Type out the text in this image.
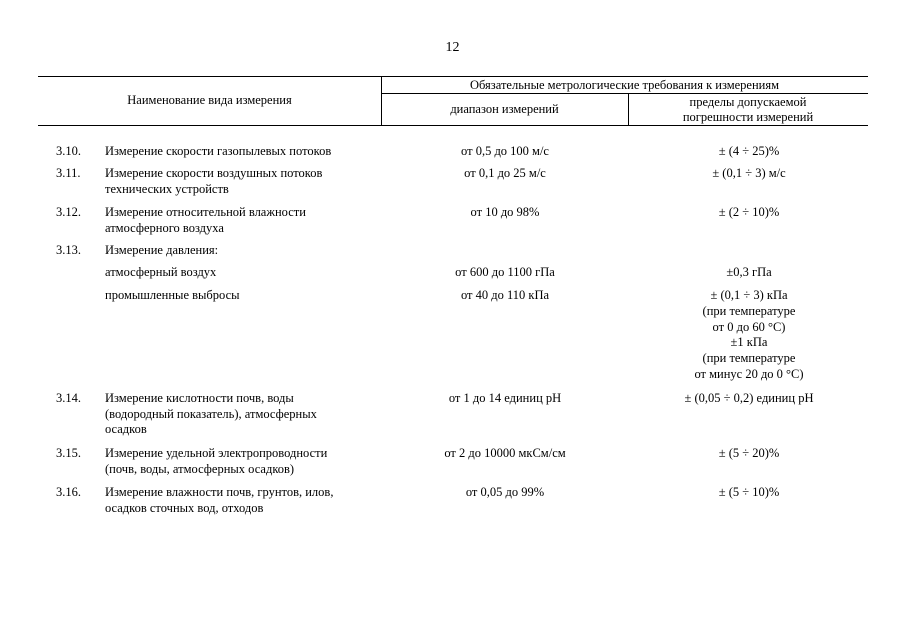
12
Наименование вида измерения
Обязательные метрологические требования к измерениям
диапазон измерений	пределы допускаемой
погрешности измерений
3.10.	Измерение скорости газопылевых потоков	от 0,5 до 100 м/с	± (4 ÷ 25)%
3.11.	Измерение скорости воздушных потоков
технических устройств
от 0,1 до 25 м/с	± (0,1 ÷ 3) м/с
3.12.	Измерение относительной влажности
атмосферного воздуха
от 10 до 98%	± (2 ÷ 10)%
3.13.	Измерение давления:
атмосферный воздух	от 600 до 1100 гПа	±0,3 гПа
промышленные выбросы	от 40 до 110 кПа	± (0,1 ÷ 3) кПа
(при температуре
от 0 до 60 °С)
±1 кПа
(при температуре
от минус 20 до 0 °С)
3.14.	Измерение кислотности почв, воды
(водородный показатель), атмосферных
осадков
от 1 до 14 единиц pH	± (0,05 ÷ 0,2) единиц pH
3.15.	Измерение удельной электропроводности
(почв, воды, атмосферных осадков)
от 2 до 10000 мкСм/см	± (5 ÷ 20)%
3.16.	Измерение влажности почв, грунтов, илов,
осадков сточных вод, отходов
от 0,05 до 99%	± (5 ÷ 10)%
